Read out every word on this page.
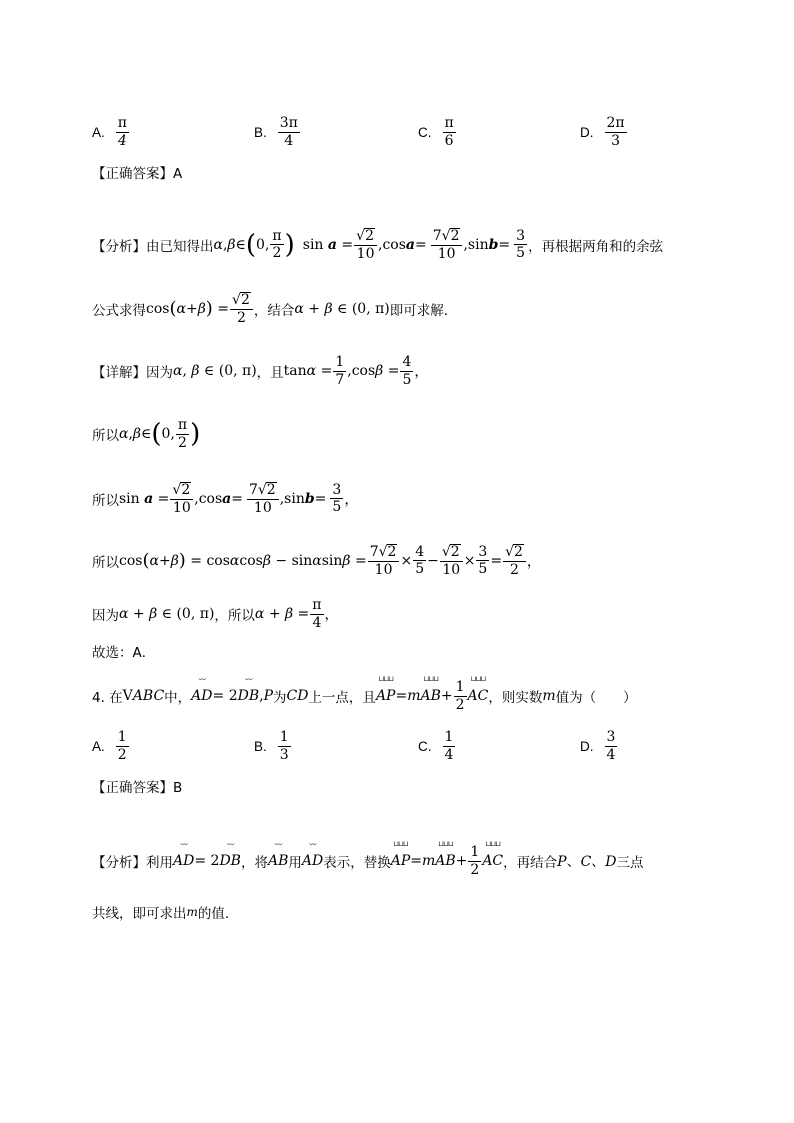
A. $\frac{\pi}{4}$	B. $\frac{3\pi}{4}$	C. $\frac{\pi}{6}$	D. $\frac{2\pi}{3}$
【正确答案】A
【分析】 由已知得出 α , β ∈ ( 0, $\frac{\pi}{2}$ ) $\sin a = \frac{√2}{10} ,\cos$ $a = \frac{7√2}{10} ,\sin$ $b = \frac{3}{5}$ ，再根据两角和的余弦
公式求得 $\cos(\alpha+\beta) = \frac{√2}{2}$ ，结合 α + β ∈ (0, π) 即可求解．
【详解】 因为 α, β ∈ (0, π) ，且 $\tan\alpha = \frac{1}{7} ,\cos\beta = \frac{4}{5}$ ，
所以 α , β ∈ ( 0, $\frac{\pi}{2}$ )
所以 $\sin a = \frac{√2}{10} ,\cos$ $a = \frac{7√2}{10} ,\sin$ $b = \frac{3}{5}$ ，
所以 $\cos(\alpha+\beta) = \cos\alpha\cos\beta - \sin\alpha\sin\beta = \frac{7√2}{10} \times \frac{4}{5} - \frac{√2}{10} \times \frac{3}{5} = \frac{√2}{2}$ ，
因为 α + β ∈ (0, π) ，所以 $\alpha + \beta = \frac{\pi}{4}$ ，
故选：A．
4. 在 VABC 中，
⌣⌣
AD = 2
⌣⌣
DB , P 为 CD 上一点，且
⊔⊔⊔
AP = m
⊔⊔⊔
AB + $\frac{1}{2}$
⊔⊔⊔
AC ，则实数 m 值为（　　）
A. $\frac{1}{2}$	B. $\frac{1}{3}$	C. $\frac{1}{4}$	D. $\frac{3}{4}$
【正确答案】B
【分析】 利用
⌣⌣
AD = 2
⌣⌣
DB ，将
⌣⌣
AB 用
⌣⌣
AD 表示，替换
⊔⊔⊔
AP = m
⊔⊔⊔
AB + $\frac{1}{2}$
⊔⊔⊔
AC ，再结合 P、C、D 三点
共线，即可求出 m 的值.
